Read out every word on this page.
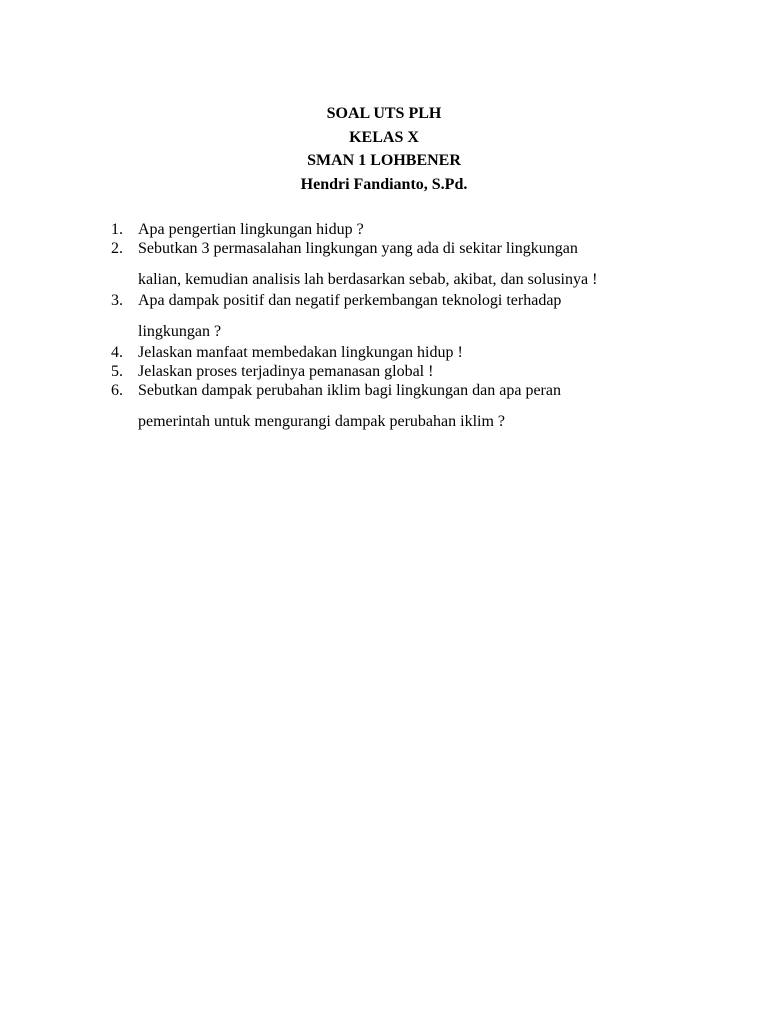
SOAL UTS PLH
KELAS X
SMAN 1 LOHBENER
Hendri Fandianto, S.Pd.
1. Apa pengertian lingkungan hidup ?
2. Sebutkan 3 permasalahan lingkungan yang ada di sekitar lingkungan
kalian, kemudian analisis lah berdasarkan sebab, akibat, dan solusinya !
3. Apa dampak positif dan negatif perkembangan teknologi terhadap
lingkungan ?
4. Jelaskan manfaat membedakan lingkungan hidup !
5. Jelaskan proses terjadinya pemanasan global !
6. Sebutkan dampak perubahan iklim bagi lingkungan dan apa peran
pemerintah untuk mengurangi dampak perubahan iklim ?
